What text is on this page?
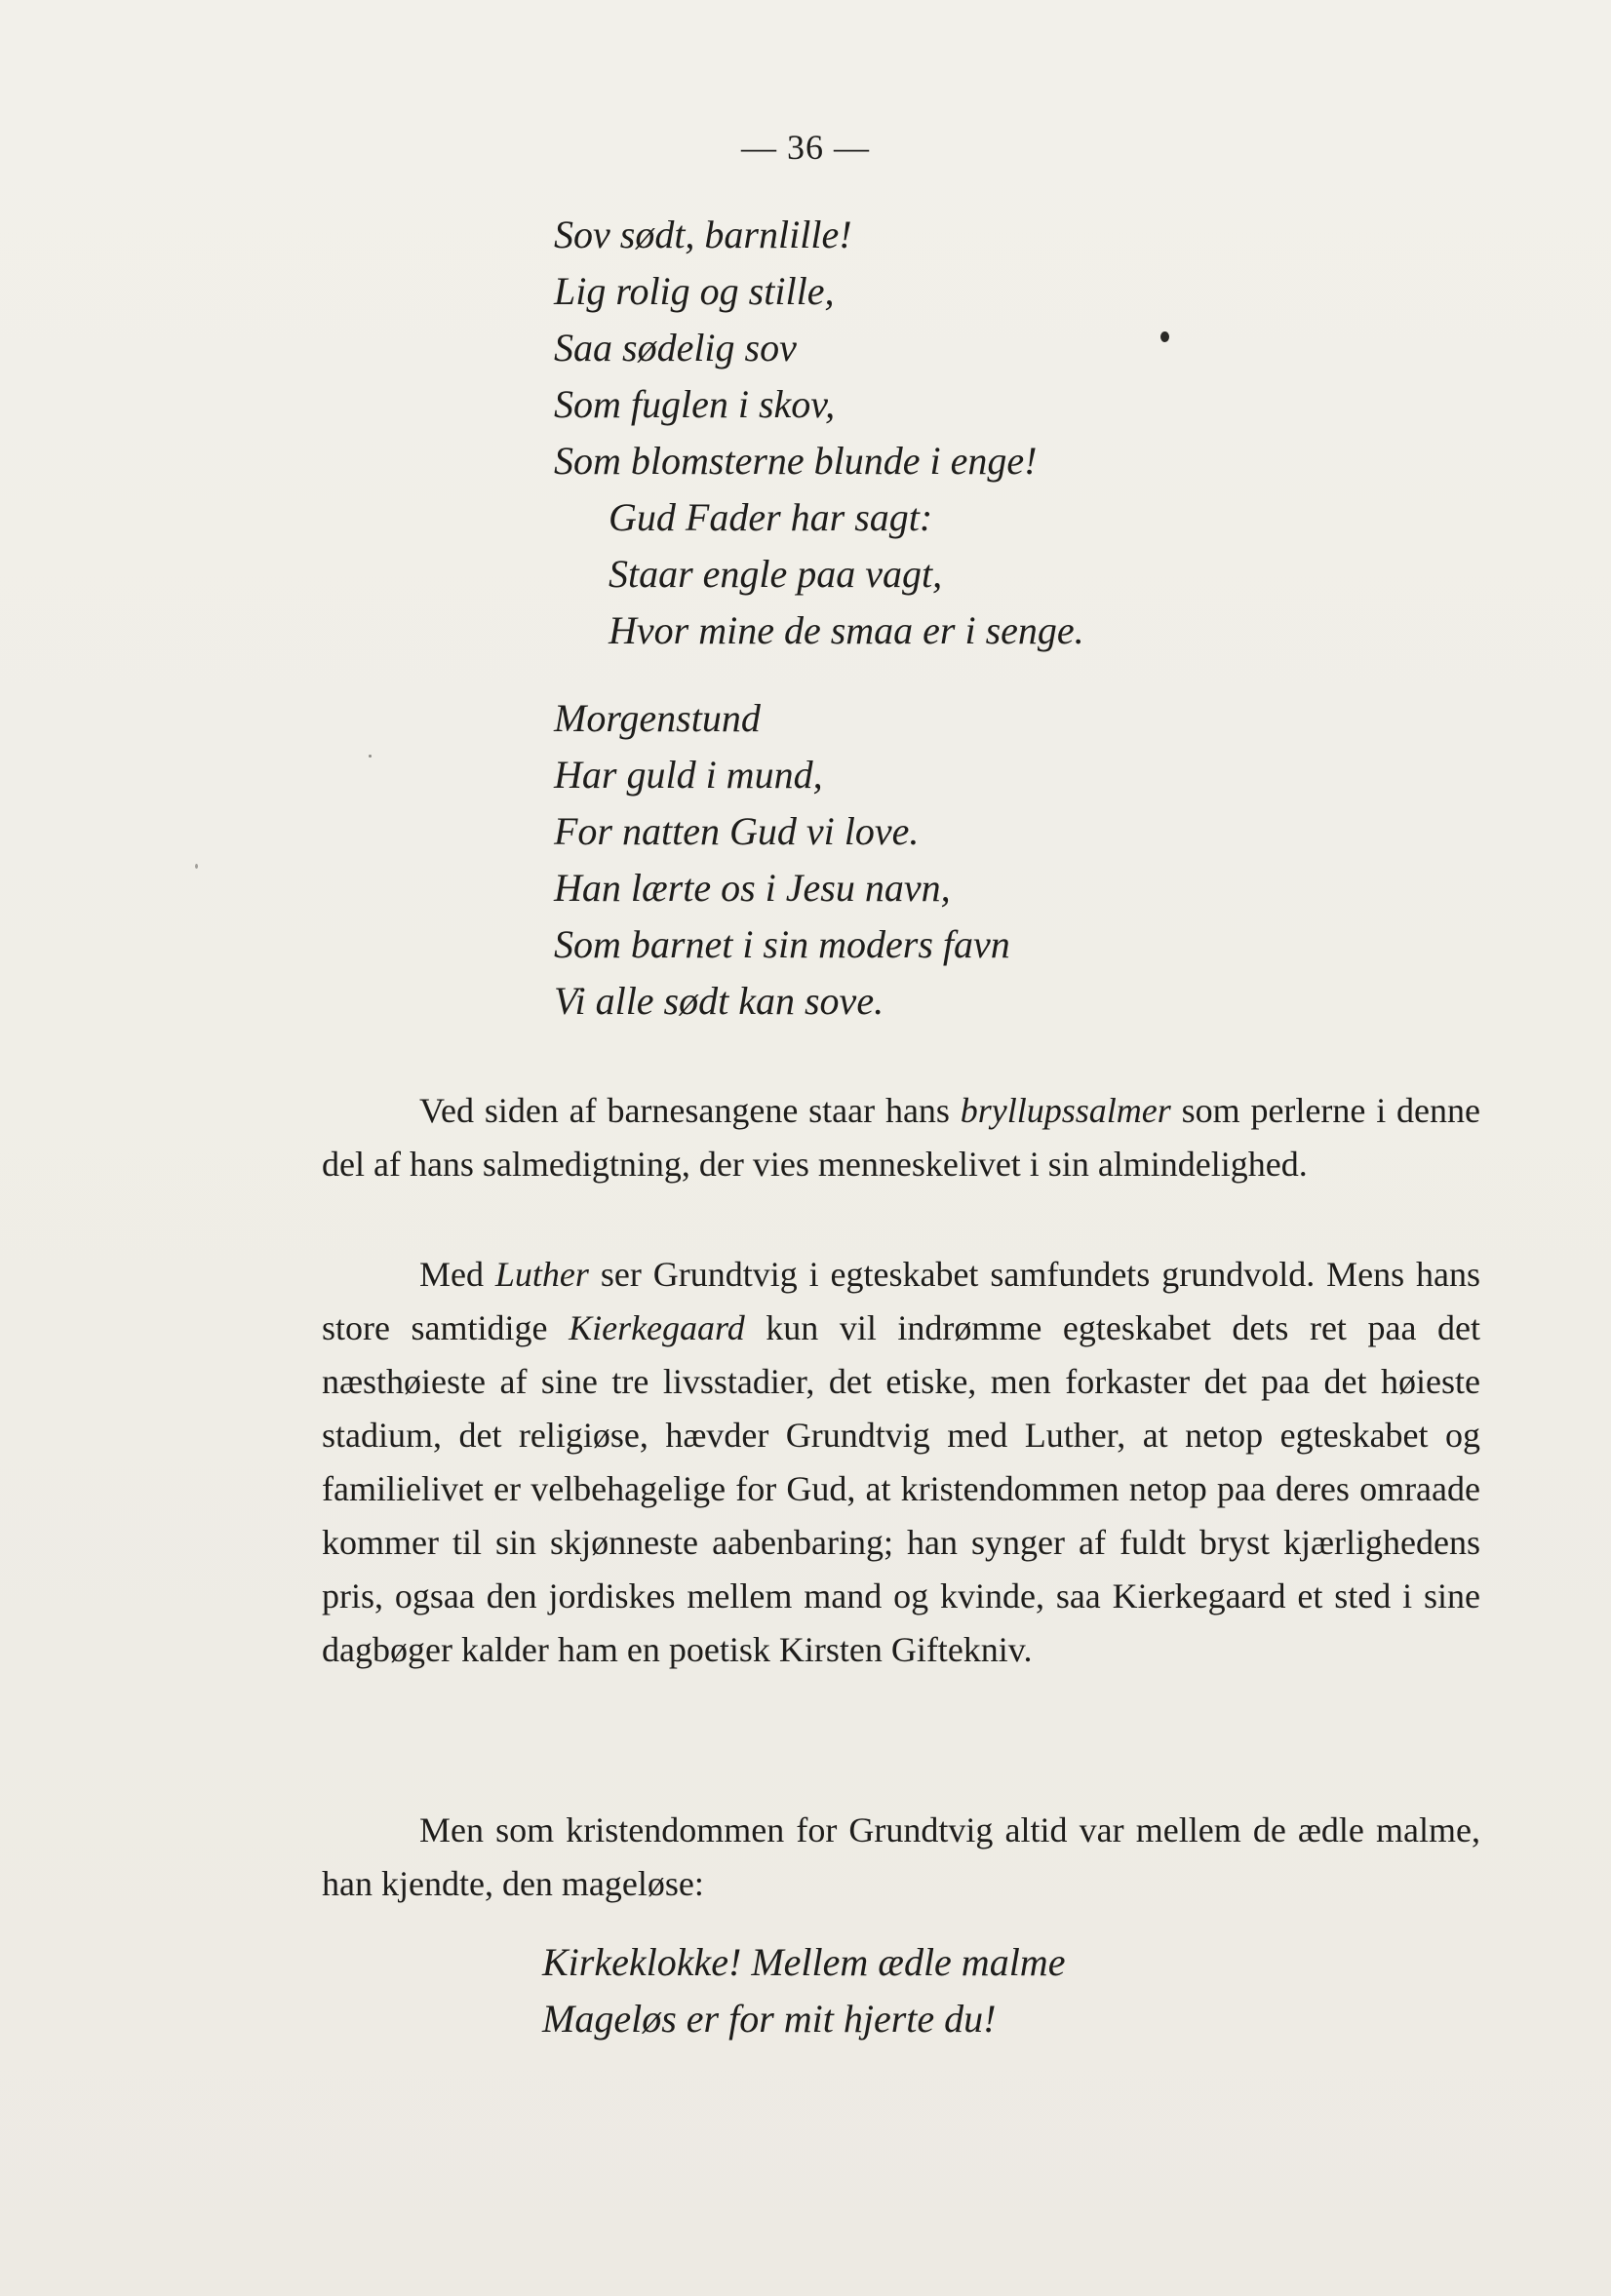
— 36 —
Sov sødt, barnlille!
Lig rolig og stille,
Saa sødelig sov
Som fuglen i skov,
Som blomsterne blunde i enge!
Gud Fader har sagt:
Staar engle paa vagt,
Hvor mine de smaa er i senge.
Morgenstund
Har guld i mund,
For natten Gud vi love.
Han lærte os i Jesu navn,
Som barnet i sin moders favn
Vi alle sødt kan sove.

Ved siden af barnesangene staar hans bryllupssalmer som perlerne i denne del af hans salmedigtning, der vies menneskelivet i sin almindelighed.

Med Luther ser Grundtvig i egteskabet samfundets grundvold. Mens hans store samtidige Kierkegaard kun vil indrømme egteskabet dets ret paa det næsthøieste af sine tre livsstadier, det etiske, men forkaster det paa det høieste stadium, det religiøse, hævder Grundtvig med Luther, at netop egteskabet og familielivet er velbehagelige for Gud, at kristendommen netop paa deres omraade kommer til sin skjønneste aabenbaring; han synger af fuldt bryst kjærlighedens pris, ogsaa den jordiskes mellem mand og kvinde, saa Kierkegaard et sted i sine dagbøger kalder ham en poetisk Kirsten Giftekniv.

Men som kristendommen for Grundtvig altid var mellem de ædle malme, han kjendte, den mageløse:

Kirkeklokke! Mellem ædle malme
Mageløs er for mit hjerte du!
